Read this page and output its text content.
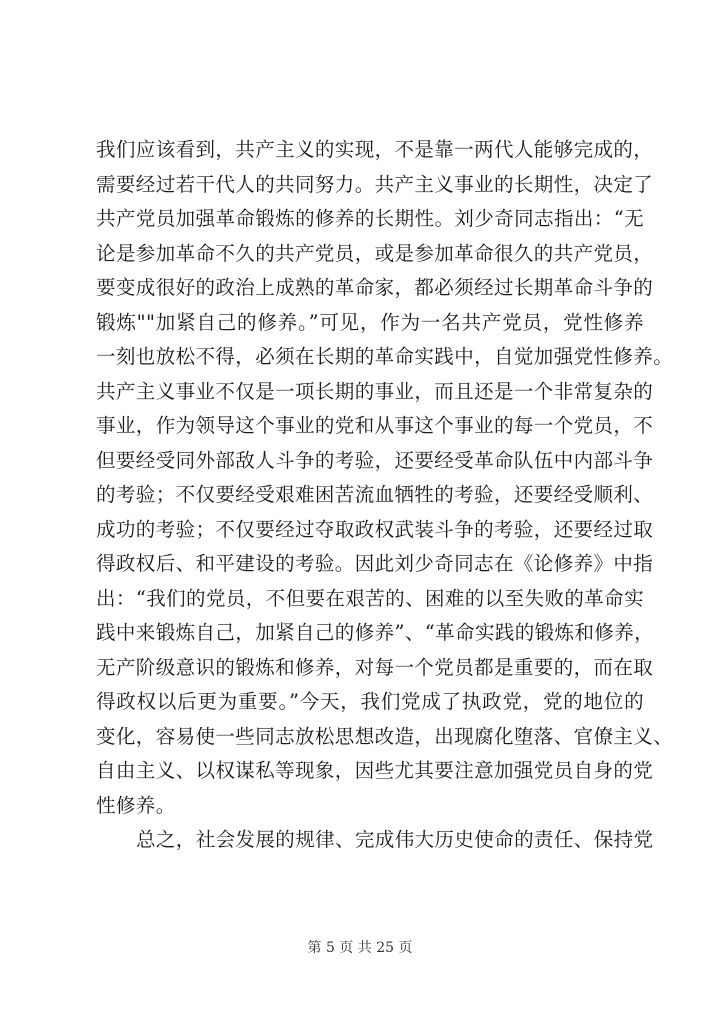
我们应该看到，共产主义的实现，不是靠一两代人能够完成的，
需要经过若干代人的共同努力。共产主义事业的长期性，决定了
共产党员加强革命锻炼的修养的长期性。刘少奇同志指出：“无
论是参加革命不久的共产党员，或是参加革命很久的共产党员，
要变成很好的政治上成熟的革命家，都必须经过长期革命斗争的
锻炼""加紧自己的修养。”可见，作为一名共产党员，党性修养
一刻也放松不得，必须在长期的革命实践中，自觉加强党性修养。
共产主义事业不仅是一项长期的事业，而且还是一个非常复杂的
事业，作为领导这个事业的党和从事这个事业的每一个党员，不
但要经受同外部敌人斗争的考验，还要经受革命队伍中内部斗争
的考验；不仅要经受艰难困苦流血牺牲的考验，还要经受顺利、
成功的考验；不仅要经过夺取政权武装斗争的考验，还要经过取
得政权后、和平建设的考验。因此刘少奇同志在《论修养》中指
出：“我们的党员，不但要在艰苦的、困难的以至失败的革命实
践中来锻炼自己，加紧自己的修养”、“革命实践的锻炼和修养，
无产阶级意识的锻炼和修养，对每一个党员都是重要的，而在取
得政权以后更为重要。”今天，我们党成了执政党，党的地位的
变化，容易使一些同志放松思想改造，出现腐化堕落、官僚主义、
自由主义、以权谋私等现象，因些尤其要注意加强党员自身的党
性修养。
总之，社会发展的规律、完成伟大历史使命的责任、保持党
第 5 页 共 25 页
